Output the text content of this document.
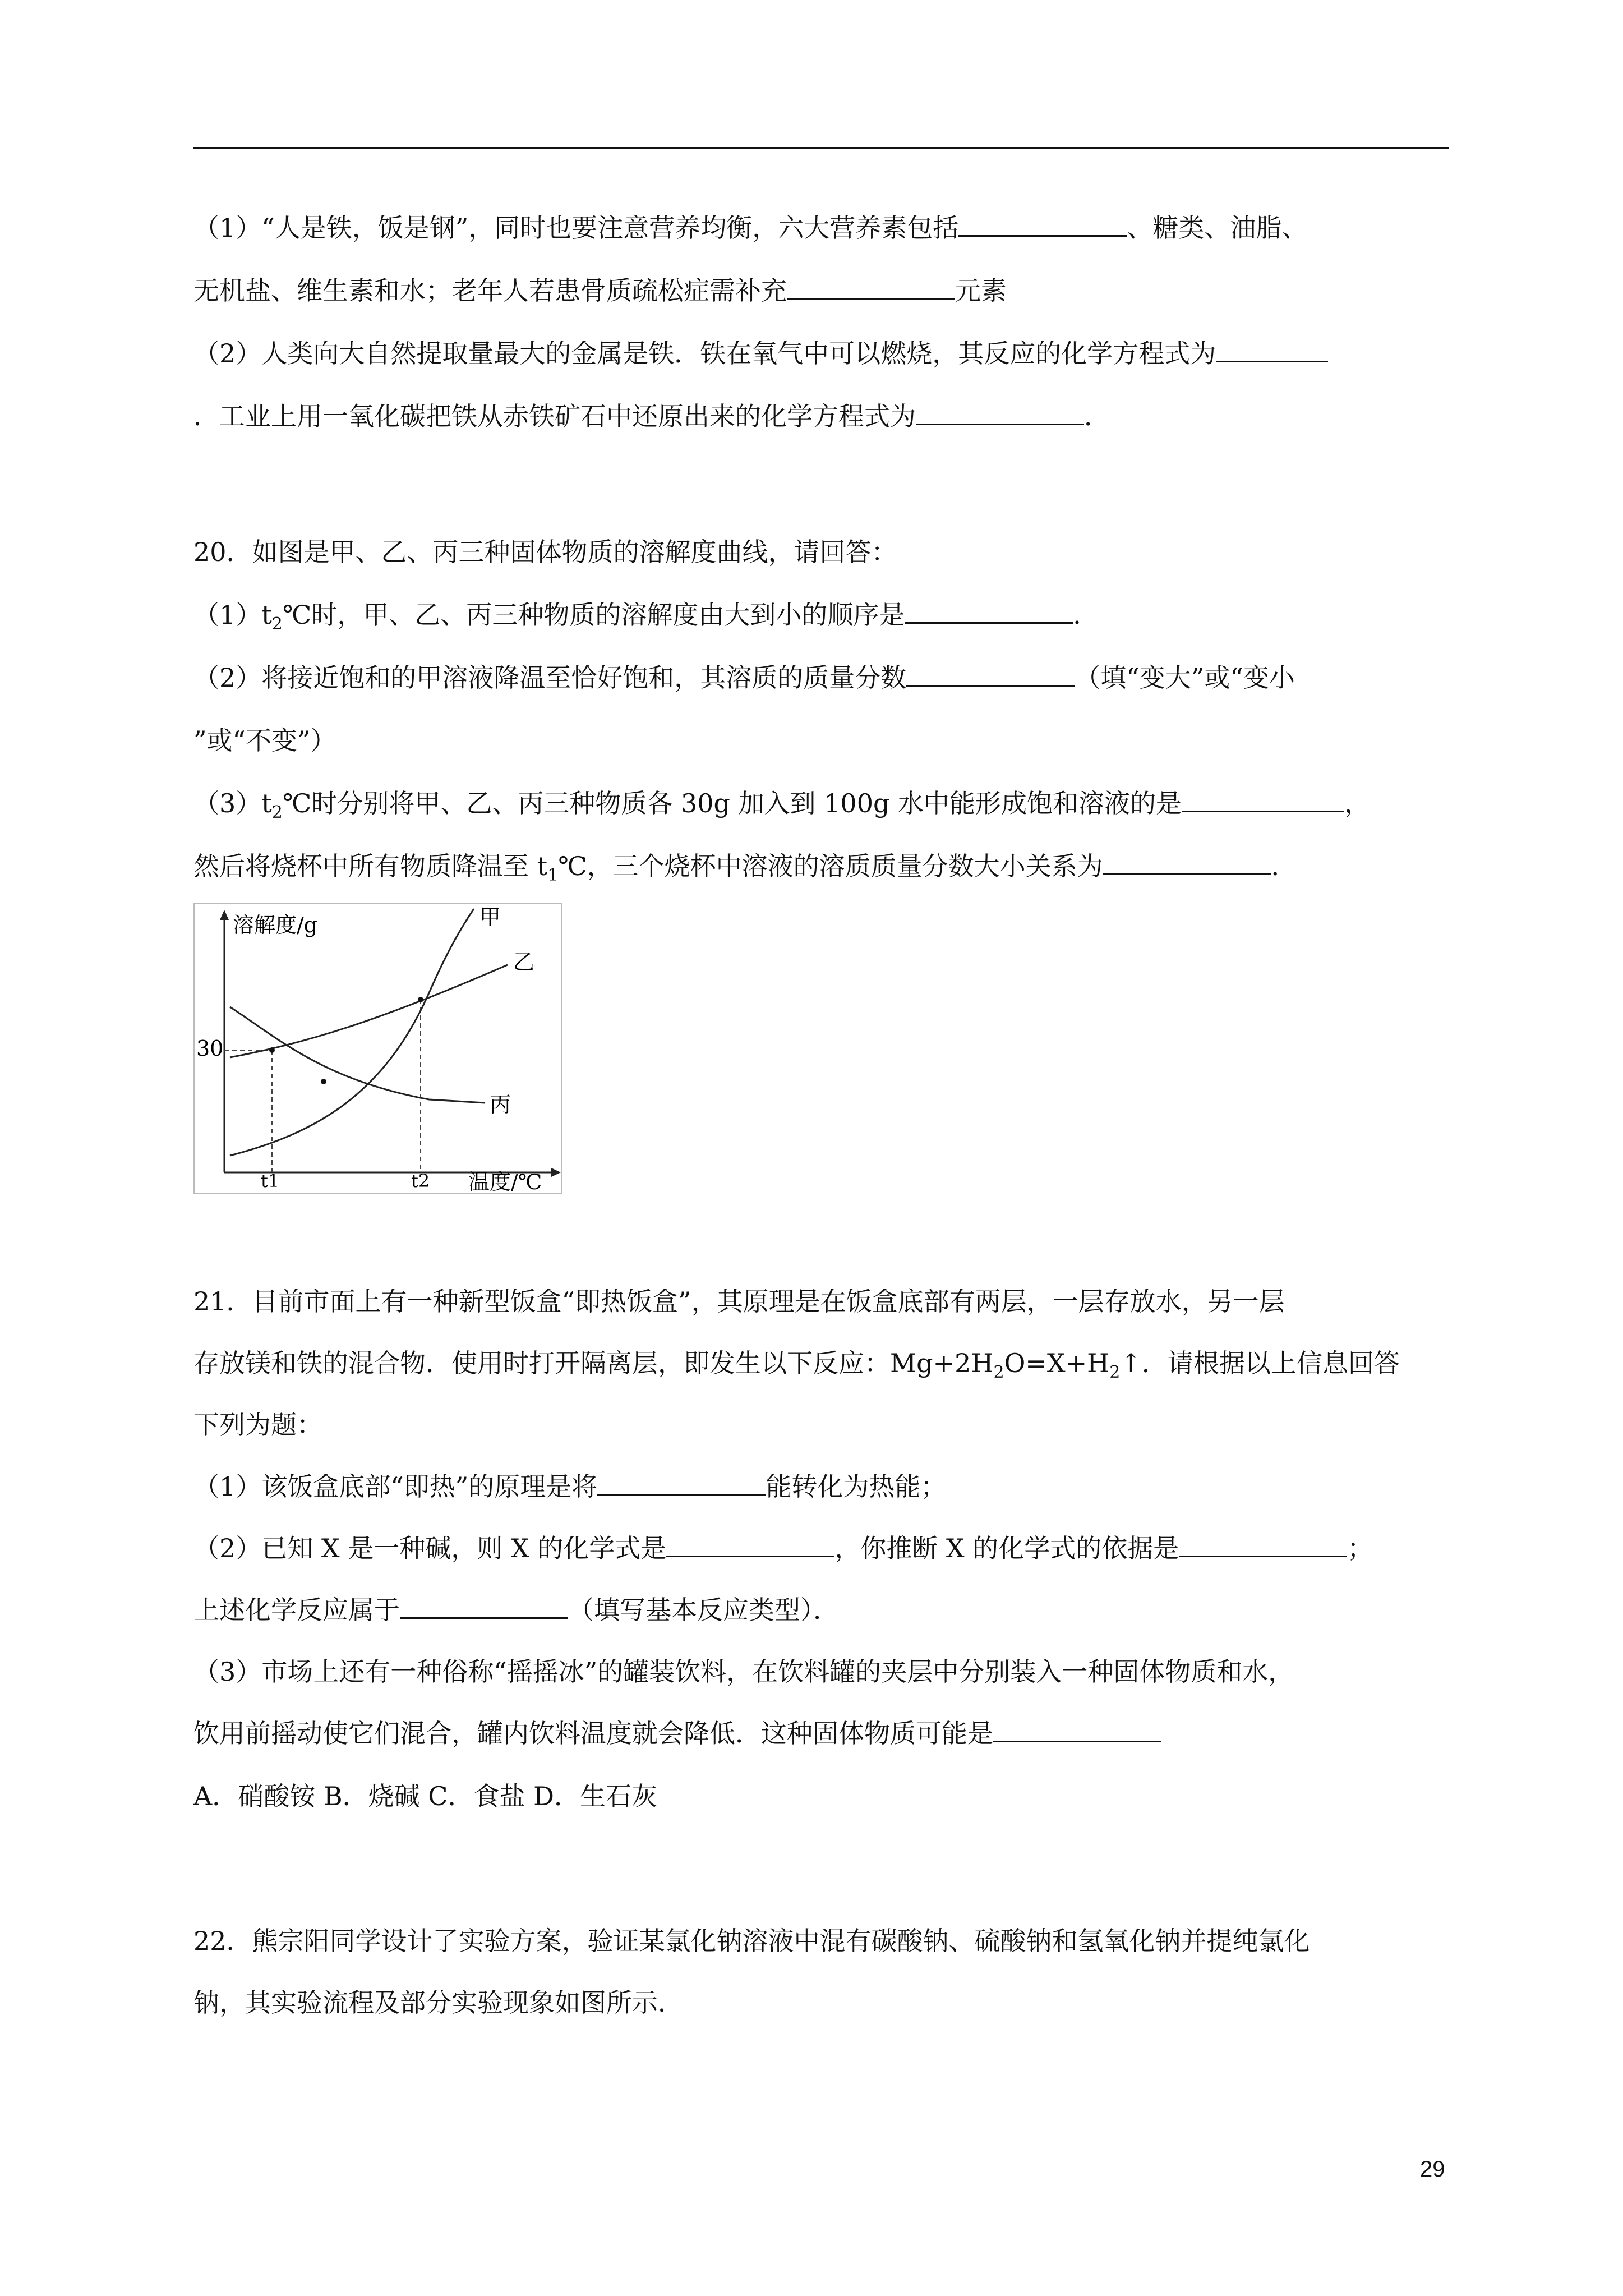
（1）“人是铁，饭是钢”，同时也要注意营养均衡，六大营养素包括	、糖类、油脂、
无机盐、维生素和水；老年人若患骨质疏松症需补充	元素
（2）人类向大自然提取量最大的金属是铁．铁在氧气中可以燃烧，其反应的化学方程式为
．工业上用一氧化碳把铁从赤铁矿石中还原出来的化学方程式为	．
20．如图是甲、乙、丙三种固体物质的溶解度曲线，请回答：
$(1)t_2℃$时，甲、乙、丙三种物质的溶解度由大到小的顺序是	．
（2）将接近饱和的甲溶液降温至恰好饱和，其溶质的质量分数	（填“变大”或“变小
”或“不变”）
$(3)t_2℃$时分别将甲、乙、丙三种物质各 30g 加入到 100g 水中能形成饱和溶液的是	，
然后将烧杯中所有物质降温至 $t_1℃$，三个烧杯中溶液的溶质质量分数大小关系为	．
溶解度/g
温度/℃
30
t1	t2
甲
乙
丙
21．目前市面上有一种新型饭盒“即热饭盒”，其原理是在饭盒底部有两层，一层存放水，另一层
存放镁和铁的混合物．使用时打开隔离层，即发生以下反应：$Mg+2H_2O=X+H_2↑$．请根据以上信息回答
下列为题：
（1）该饭盒底部“即热”的原理是将	能转化为热能；
（2）已知 X 是一种碱，则 X 的化学式是	，你推断 X 的化学式的依据是	；
上述化学反应属于	（填写基本反应类型）．
（3）市场上还有一种俗称“摇摇冰”的罐装饮料，在饮料罐的夹层中分别装入一种固体物质和水，
饮用前摇动使它们混合，罐内饮料温度就会降低．这种固体物质可能是
A．硝酸铵 B．烧碱 C．食盐 D．生石灰
22．熊宗阳同学设计了实验方案，验证某氯化钠溶液中混有碳酸钠、硫酸钠和氢氧化钠并提纯氯化
钠，其实验流程及部分实验现象如图所示．
29
